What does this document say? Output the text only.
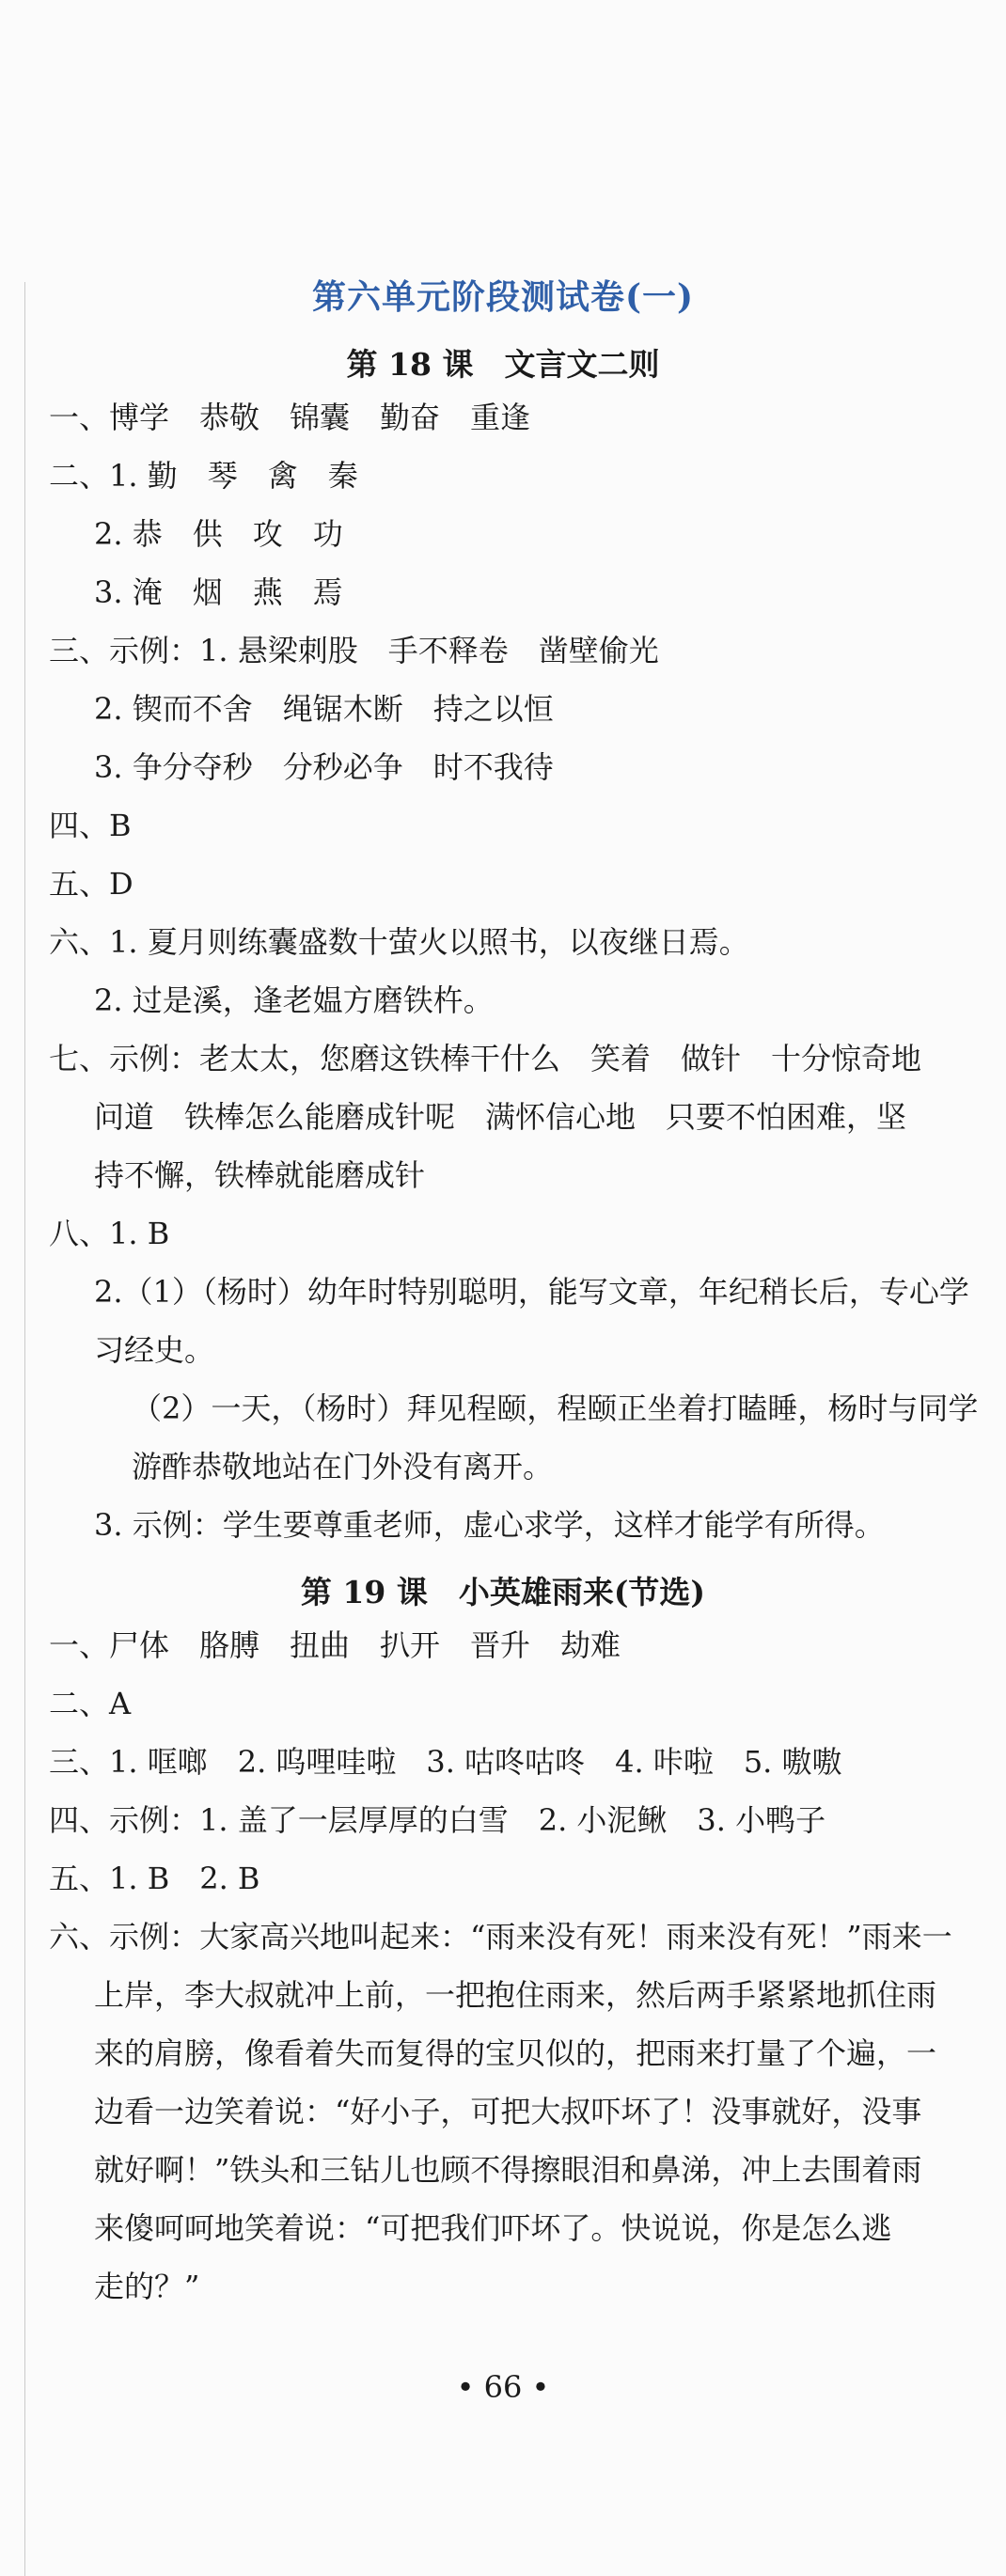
第六单元阶段测试卷(一)
第 18 课　文言文二则
一、博学　恭敬　锦囊　勤奋　重逢
二、1. 勤　琴　禽　秦
2. 恭　供　攻　功
3. 淹　烟　燕　焉
三、示例：1. 悬梁刺股　手不释卷　凿壁偷光
2. 锲而不舍　绳锯木断　持之以恒
3. 争分夺秒　分秒必争　时不我待
四、B
五、D
六、1. 夏月则练囊盛数十萤火以照书，以夜继日焉。
2. 过是溪，逢老媪方磨铁杵。
七、示例：老太太，您磨这铁棒干什么　笑着　做针　十分惊奇地
问道　铁棒怎么能磨成针呢　满怀信心地　只要不怕困难，坚
持不懈，铁棒就能磨成针
八、1. B
2.（1）（杨时）幼年时特别聪明，能写文章，年纪稍长后，专心学
习经史。
（2）一天，（杨时）拜见程颐，程颐正坐着打瞌睡，杨时与同学
游酢恭敬地站在门外没有离开。
3. 示例：学生要尊重老师，虚心求学，这样才能学有所得。
第 19 课　小英雄雨来(节选)
一、尸体　胳膊　扭曲　扒开　晋升　劫难
二、A
三、1. 哐啷　2. 呜哩哇啦　3. 咕咚咕咚　4. 咔啦　5. 嗷嗷
四、示例：1. 盖了一层厚厚的白雪　2. 小泥鳅　3. 小鸭子
五、1. B　2. B
六、示例：大家高兴地叫起来：“雨来没有死！雨来没有死！”雨来一
上岸，李大叔就冲上前，一把抱住雨来，然后两手紧紧地抓住雨
来的肩膀，像看着失而复得的宝贝似的，把雨来打量了个遍，一
边看一边笑着说：“好小子，可把大叔吓坏了！没事就好，没事
就好啊！”铁头和三钻儿也顾不得擦眼泪和鼻涕，冲上去围着雨
来傻呵呵地笑着说：“可把我们吓坏了。快说说，你是怎么逃
走的？”
• 66 •
